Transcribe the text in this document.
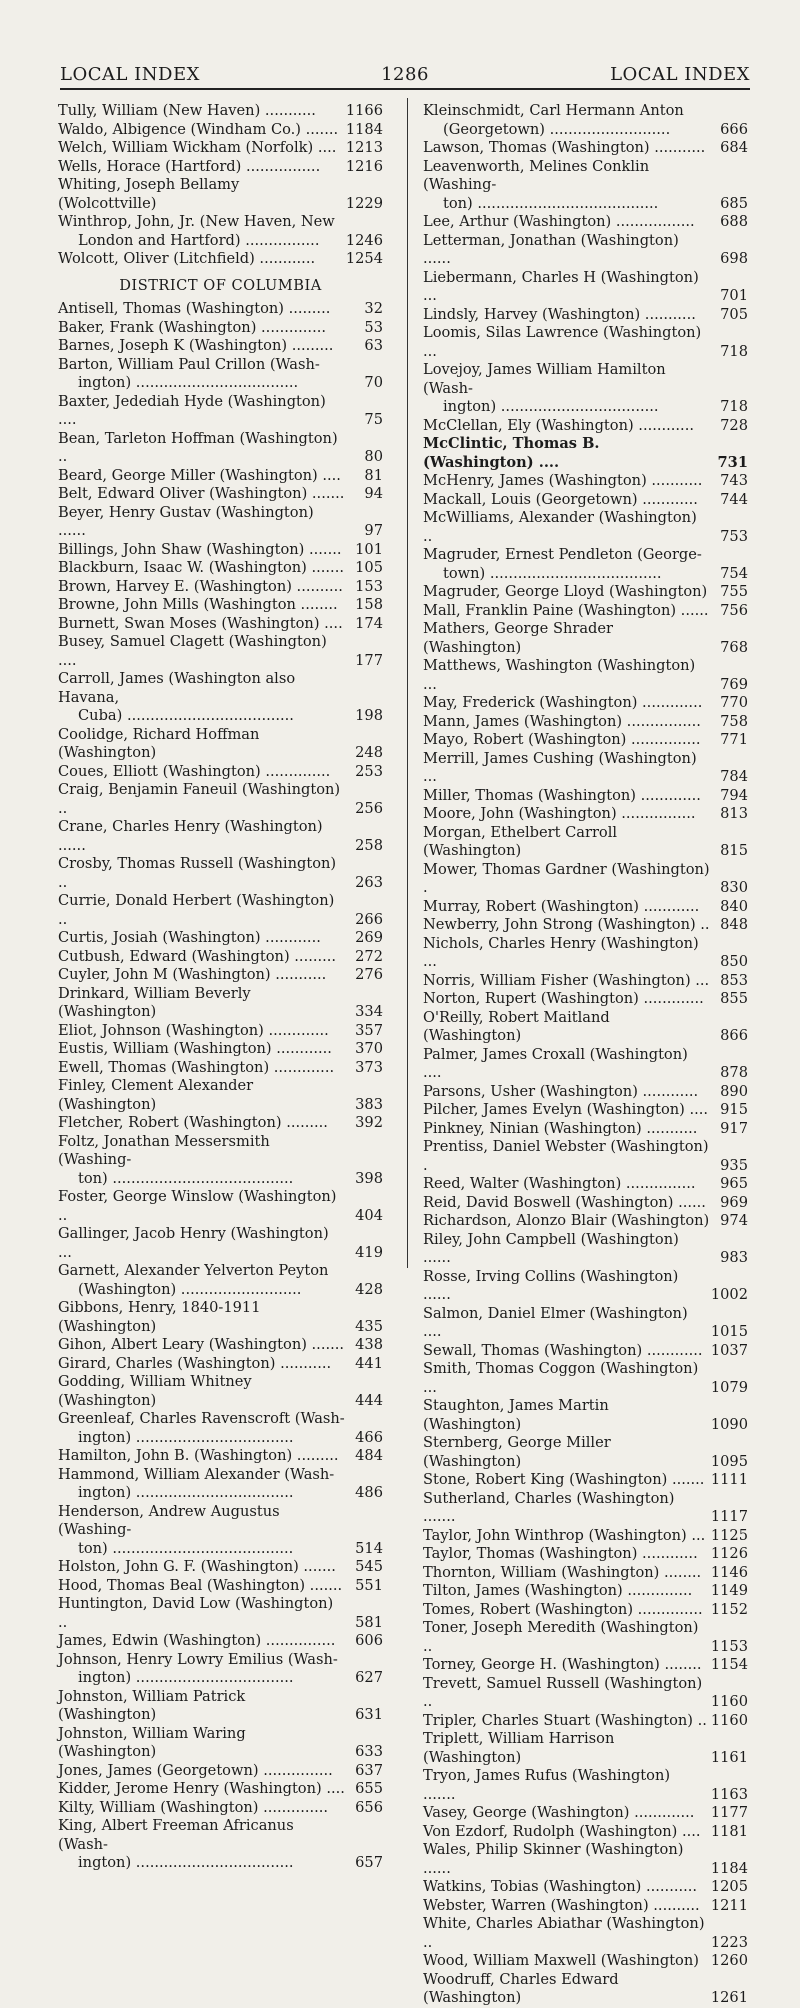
LOCAL INDEX	1286	LOCAL INDEX
Tully, William (New Haven) ...........	1166
Waldo, Albigence (Windham Co.) ....... 1184
Welch, William Wickham (Norfolk) .... 1213
Wells, Horace (Hartford) ................	1216
Whiting, Joseph Bellamy (Wolcottville)	1229
Winthrop, John, Jr. (New Haven, New
London and Hartford) ................	1246
Wolcott, Oliver (Litchfield) ............	1254
DISTRICT OF COLUMBIA
Antisell, Thomas (Washington) .........	32
Baker, Frank (Washington) ..............	53
Barnes, Joseph K (Washington) .........	63
Barton, William Paul Crillon (Wash-
ington) ...................................	70
Baxter, Jedediah Hyde (Washington) ....	75
Bean, Tarleton Hoffman (Washington) ..	80
Beard, George Miller (Washington) ....	81
Belt, Edward Oliver (Washington) .......	94
Beyer, Henry Gustav (Washington) ......	97
Billings, John Shaw (Washington) ....... 101
Blackburn, Isaac W. (Washington) ....... 105
Brown, Harvey E. (Washington) .......... 153
Browne, John Mills (Washington ........	158
Burnett, Swan Moses (Washington) .... 174
Busey, Samuel Clagett (Washington) ....	177
Carroll, James (Washington also Havana,
Cuba) ....................................	198
Coolidge, Richard Hoffman (Washington)	248
Coues, Elliott (Washington) ..............	253
Craig, Benjamin Faneuil (Washington) ..	256
Crane, Charles Henry (Washington) ......	258
Crosby, Thomas Russell (Washington) ..	263
Currie, Donald Herbert (Washington) ..	266
Curtis, Josiah (Washington) ............	269
Cutbush, Edward (Washington) .........	272
Cuyler, John M (Washington) ...........	276
Drinkard, William Beverly (Washington)	334
Eliot, Johnson (Washington) .............	357
Eustis, William (Washington) ............	370
Ewell, Thomas (Washington) .............	373
Finley, Clement Alexander (Washington)	383
Fletcher, Robert (Washington) .........	392
Foltz, Jonathan Messersmith (Washing-
ton) .......................................	398
Foster, George Winslow (Washington) ..	404
Gallinger, Jacob Henry (Washington) ...	419
Garnett, Alexander Yelverton Peyton
(Washington) ..........................	428
Gibbons, Henry, 1840-1911 (Washington)	435
Gihon, Albert Leary (Washington) ....... 438
Girard, Charles (Washington) ...........	441
Godding, William Whitney (Washington)	444
Greenleaf, Charles Ravenscroft (Wash-
ington) ..................................	466
Hamilton, John B. (Washington) .........	484
Hammond, William Alexander (Wash-
ington) ..................................	486
Henderson, Andrew Augustus (Washing-
ton) .......................................	514
Holston, John G. F. (Washington) .......	545
Hood, Thomas Beal (Washington) ....... 551
Huntington, David Low (Washington) ..	581
James, Edwin (Washington) ...............	606
Johnson, Henry Lowry Emilius (Wash-
ington) ..................................	627
Johnston, William Patrick (Washington)	631
Johnston, William Waring (Washington)	633
Jones, James (Georgetown) ...............	637
Kidder, Jerome Henry (Washington) .... 655
Kilty, William (Washington) ..............	656
King, Albert Freeman Africanus (Wash-
ington) ..................................	657
Kleinschmidt, Carl Hermann Anton
(Georgetown) ..........................	666
Lawson, Thomas (Washington) ...........	684
Leavenworth, Melines Conklin (Washing-
ton) .......................................	685
Lee, Arthur (Washington) .................	688
Letterman, Jonathan (Washington) ......	698
Liebermann, Charles H (Washington) ...	701
Lindsly, Harvey (Washington) ...........	705
Loomis, Silas Lawrence (Washington) ...	718
Lovejoy, James William Hamilton (Wash-
ington) ..................................	718
McClellan, Ely (Washington) ............	728
McClintic, Thomas B. (Washington) ....	731
McHenry, James (Washington) ...........	743
Mackall, Louis (Georgetown) ............	744
McWilliams, Alexander (Washington) ..	753
Magruder, Ernest Pendleton (George-
town) .....................................	754
Magruder, George Lloyd (Washington) 755
Mall, Franklin Paine (Washington) ...... 756
Mathers, George Shrader (Washington)	768
Matthews, Washington (Washington) ...	769
May, Frederick (Washington) .............	770
Mann, James (Washington) ................	758
Mayo, Robert (Washington) ...............	771
Merrill, James Cushing (Washington) ...	784
Miller, Thomas (Washington) .............	794
Moore, John (Washington) ................	813
Morgan, Ethelbert Carroll (Washington)	815
Mower, Thomas Gardner (Washington) .	830
Murray, Robert (Washington) ............	840
Newberry, John Strong (Washington) .. 848
Nichols, Charles Henry (Washington) ...	850
Norris, William Fisher (Washington) ... 853
Norton, Rupert (Washington) .............	855
O'Reilly, Robert Maitland (Washington)	866
Palmer, James Croxall (Washington) ....	878
Parsons, Usher (Washington) ............	890
Pilcher, James Evelyn (Washington) .... 915
Pinkney, Ninian (Washington) ...........	917
Prentiss, Daniel Webster (Washington) .	935
Reed, Walter (Washington) ...............	965
Reid, David Boswell (Washington) ...... 969
Richardson, Alonzo Blair (Washington) 974
Riley, John Campbell (Washington) ......	983
Rosse, Irving Collins (Washington) ......	1002
Salmon, Daniel Elmer (Washington) ....	1015
Sewall, Thomas (Washington) ............ 1037
Smith, Thomas Coggon (Washington) ...	1079
Staughton, James Martin (Washington)	1090
Sternberg, George Miller (Washington)	1095
Stone, Robert King (Washington) ....... 1111
Sutherland, Charles (Washington) .......	1117
Taylor, John Winthrop (Washington) ... 1125
Taylor, Thomas (Washington) ............ 1126
Thornton, William (Washington) ........ 1146
Tilton, James (Washington) ..............	1149
Tomes, Robert (Washington) .............. 1152
Toner, Joseph Meredith (Washington) ..	1153
Torney, George H. (Washington) ........ 1154
Trevett, Samuel Russell (Washington) ..	1160
Tripler, Charles Stuart (Washington) .. 1160
Triplett, William Harrison (Washington)	1161
Tryon, James Rufus (Washington) .......	1163
Vasey, George (Washington) .............	1177
Von Ezdorf, Rudolph (Washington) .... 1181
Wales, Philip Skinner (Washington) ......	1184
Watkins, Tobias (Washington) ........... 1205
Webster, Warren (Washington) .......... 1211
White, Charles Abiathar (Washington) ..	1223
Wood, William Maxwell (Washington) 1260
Woodruff, Charles Edward (Washington)	1261
